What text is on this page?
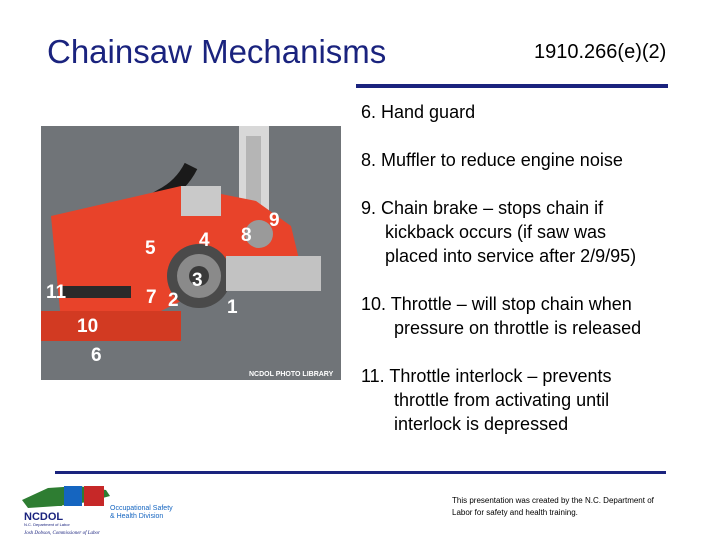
Chainsaw Mechanisms	1910.266(e)(2)
9
4 8
5
3
11	7 2	1
10
6
NCDOL PHOTO LIBRARY
6. Hand guard
8. Muffler to reduce engine noise
9. Chain brake – stops chain if
kickback occurs (if saw was
placed into service after 2/9/95)
10. Throttle – will stop chain when
pressure on throttle is released
11. Throttle interlock – prevents
throttle from activating until
interlock is depressed
NCDOL
N.C. Department of Labor
Occupational Safety
& Health Division
Josh Dobson, Commissioner of Labor
This presentation was created by the N.C. Department of Labor for safety and health training.
